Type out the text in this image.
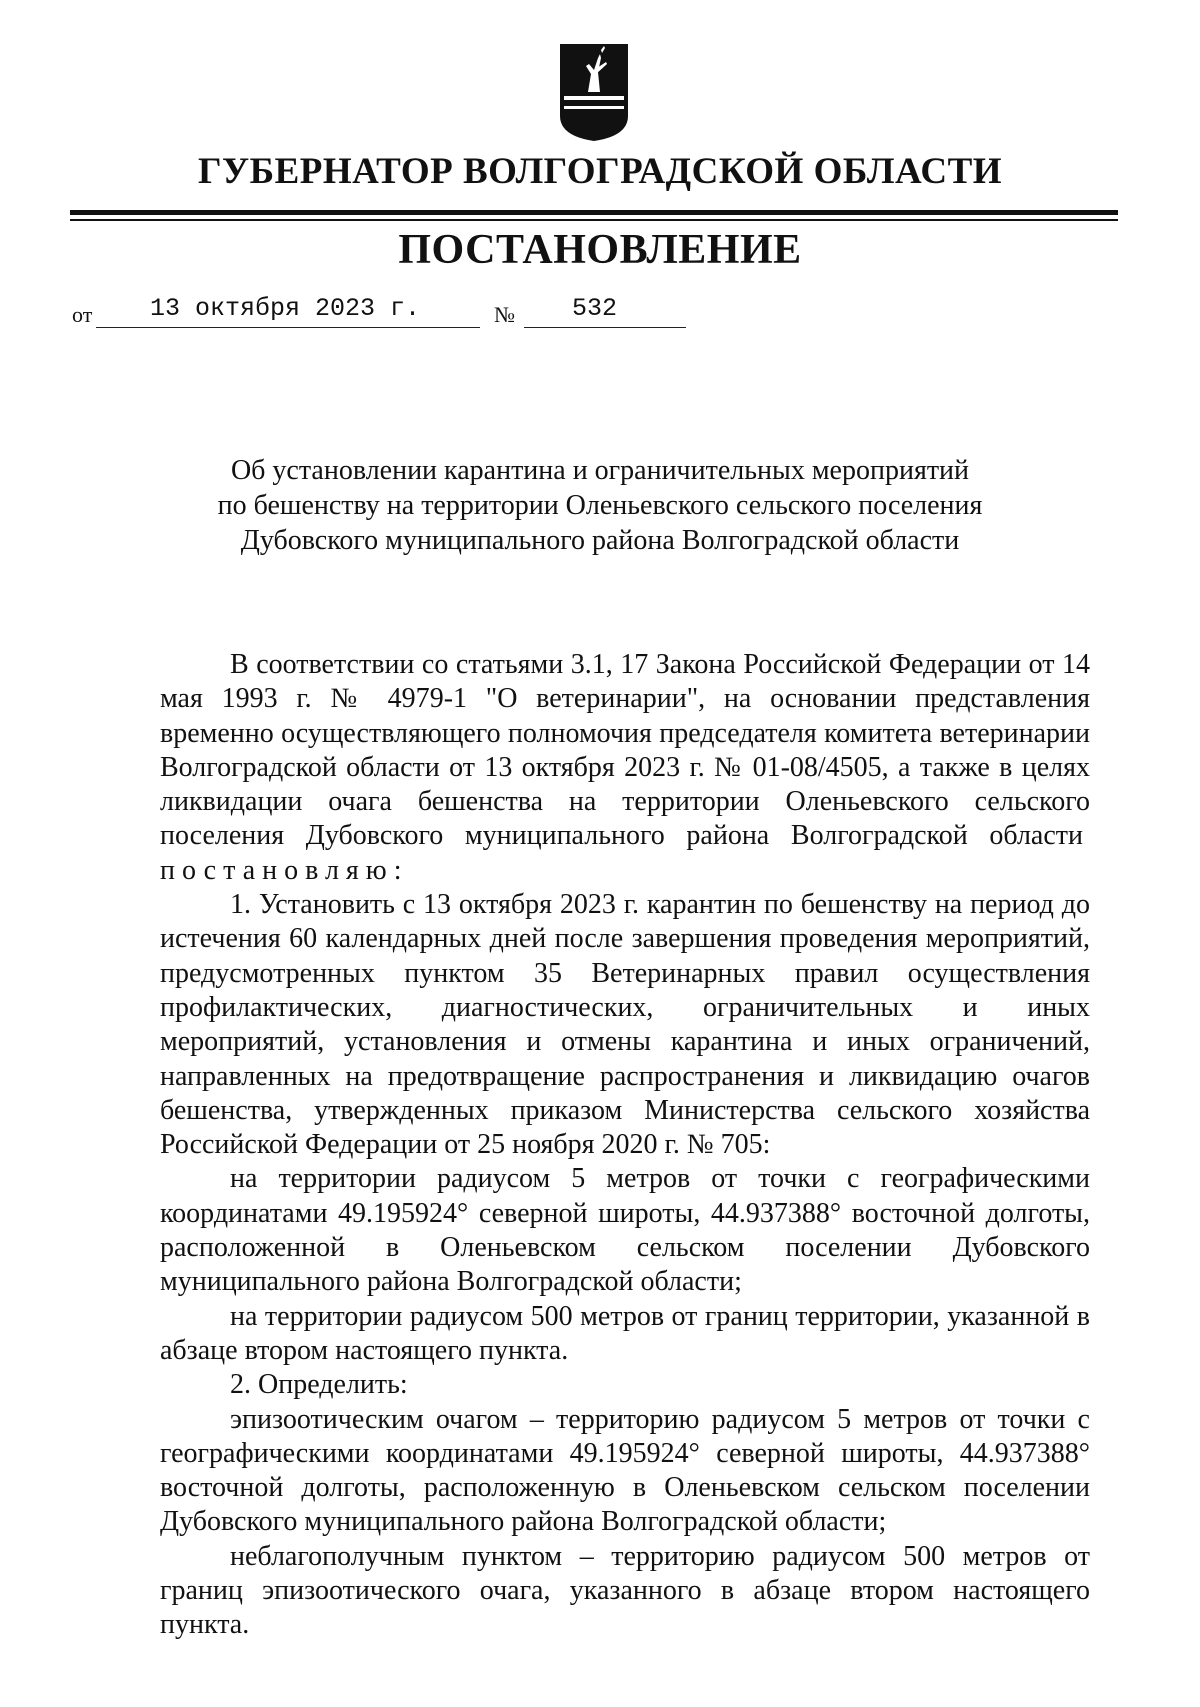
ГУБЕРНАТОР ВОЛГОГРАДСКОЙ ОБЛАСТИ
ПОСТАНОВЛЕНИЕ
от 13 октября 2023 г.	№ 532
Об установлении карантина и ограничительных мероприятий
по бешенству на территории Оленьевского сельского поселения
Дубовского муниципального района Волгоградской области

В соответствии со статьями 3.1, 17 Закона Российской Федерации от 14 мая 1993 г. № 4979-1 "О ветеринарии", на основании представления временно осуществляющего полномочия председателя комитета ветеринарии Волгоградской области от 13 октября 2023 г. № 01-08/4505, а также в целях ликвидации очага бешенства на территории Оленьевского сельского поселения Дубовского муниципального района Волгоградской области  постановляю:

1. Установить с 13 октября 2023 г. карантин по бешенству на период до истечения 60 календарных дней после завершения проведения мероприятий, предусмотренных пунктом 35 Ветеринарных правил осуществления профилактических, диагностических, ограничительных и иных мероприятий, установления и отмены карантина и иных ограничений, направленных на предотвращение распространения и ликвидацию очагов бешенства, утвержденных приказом Министерства сельского хозяйства Российской Федерации от 25 ноября 2020 г. № 705:

на территории радиусом 5 метров от точки с географическими координатами 49.195924° северной широты, 44.937388° восточной долготы, расположенной в Оленьевском сельском поселении Дубовского муниципального района Волгоградской области;

на территории радиусом 500 метров от границ территории, указанной в абзаце втором настоящего пункта.

2. Определить:

эпизоотическим очагом – территорию радиусом 5 метров от точки с географическими координатами 49.195924° северной широты, 44.937388° восточной долготы, расположенную в Оленьевском сельском поселении Дубовского муниципального района Волгоградской области;

неблагополучным пунктом – территорию радиусом 500 метров от границ эпизоотического очага, указанного в абзаце втором настоящего пункта.
